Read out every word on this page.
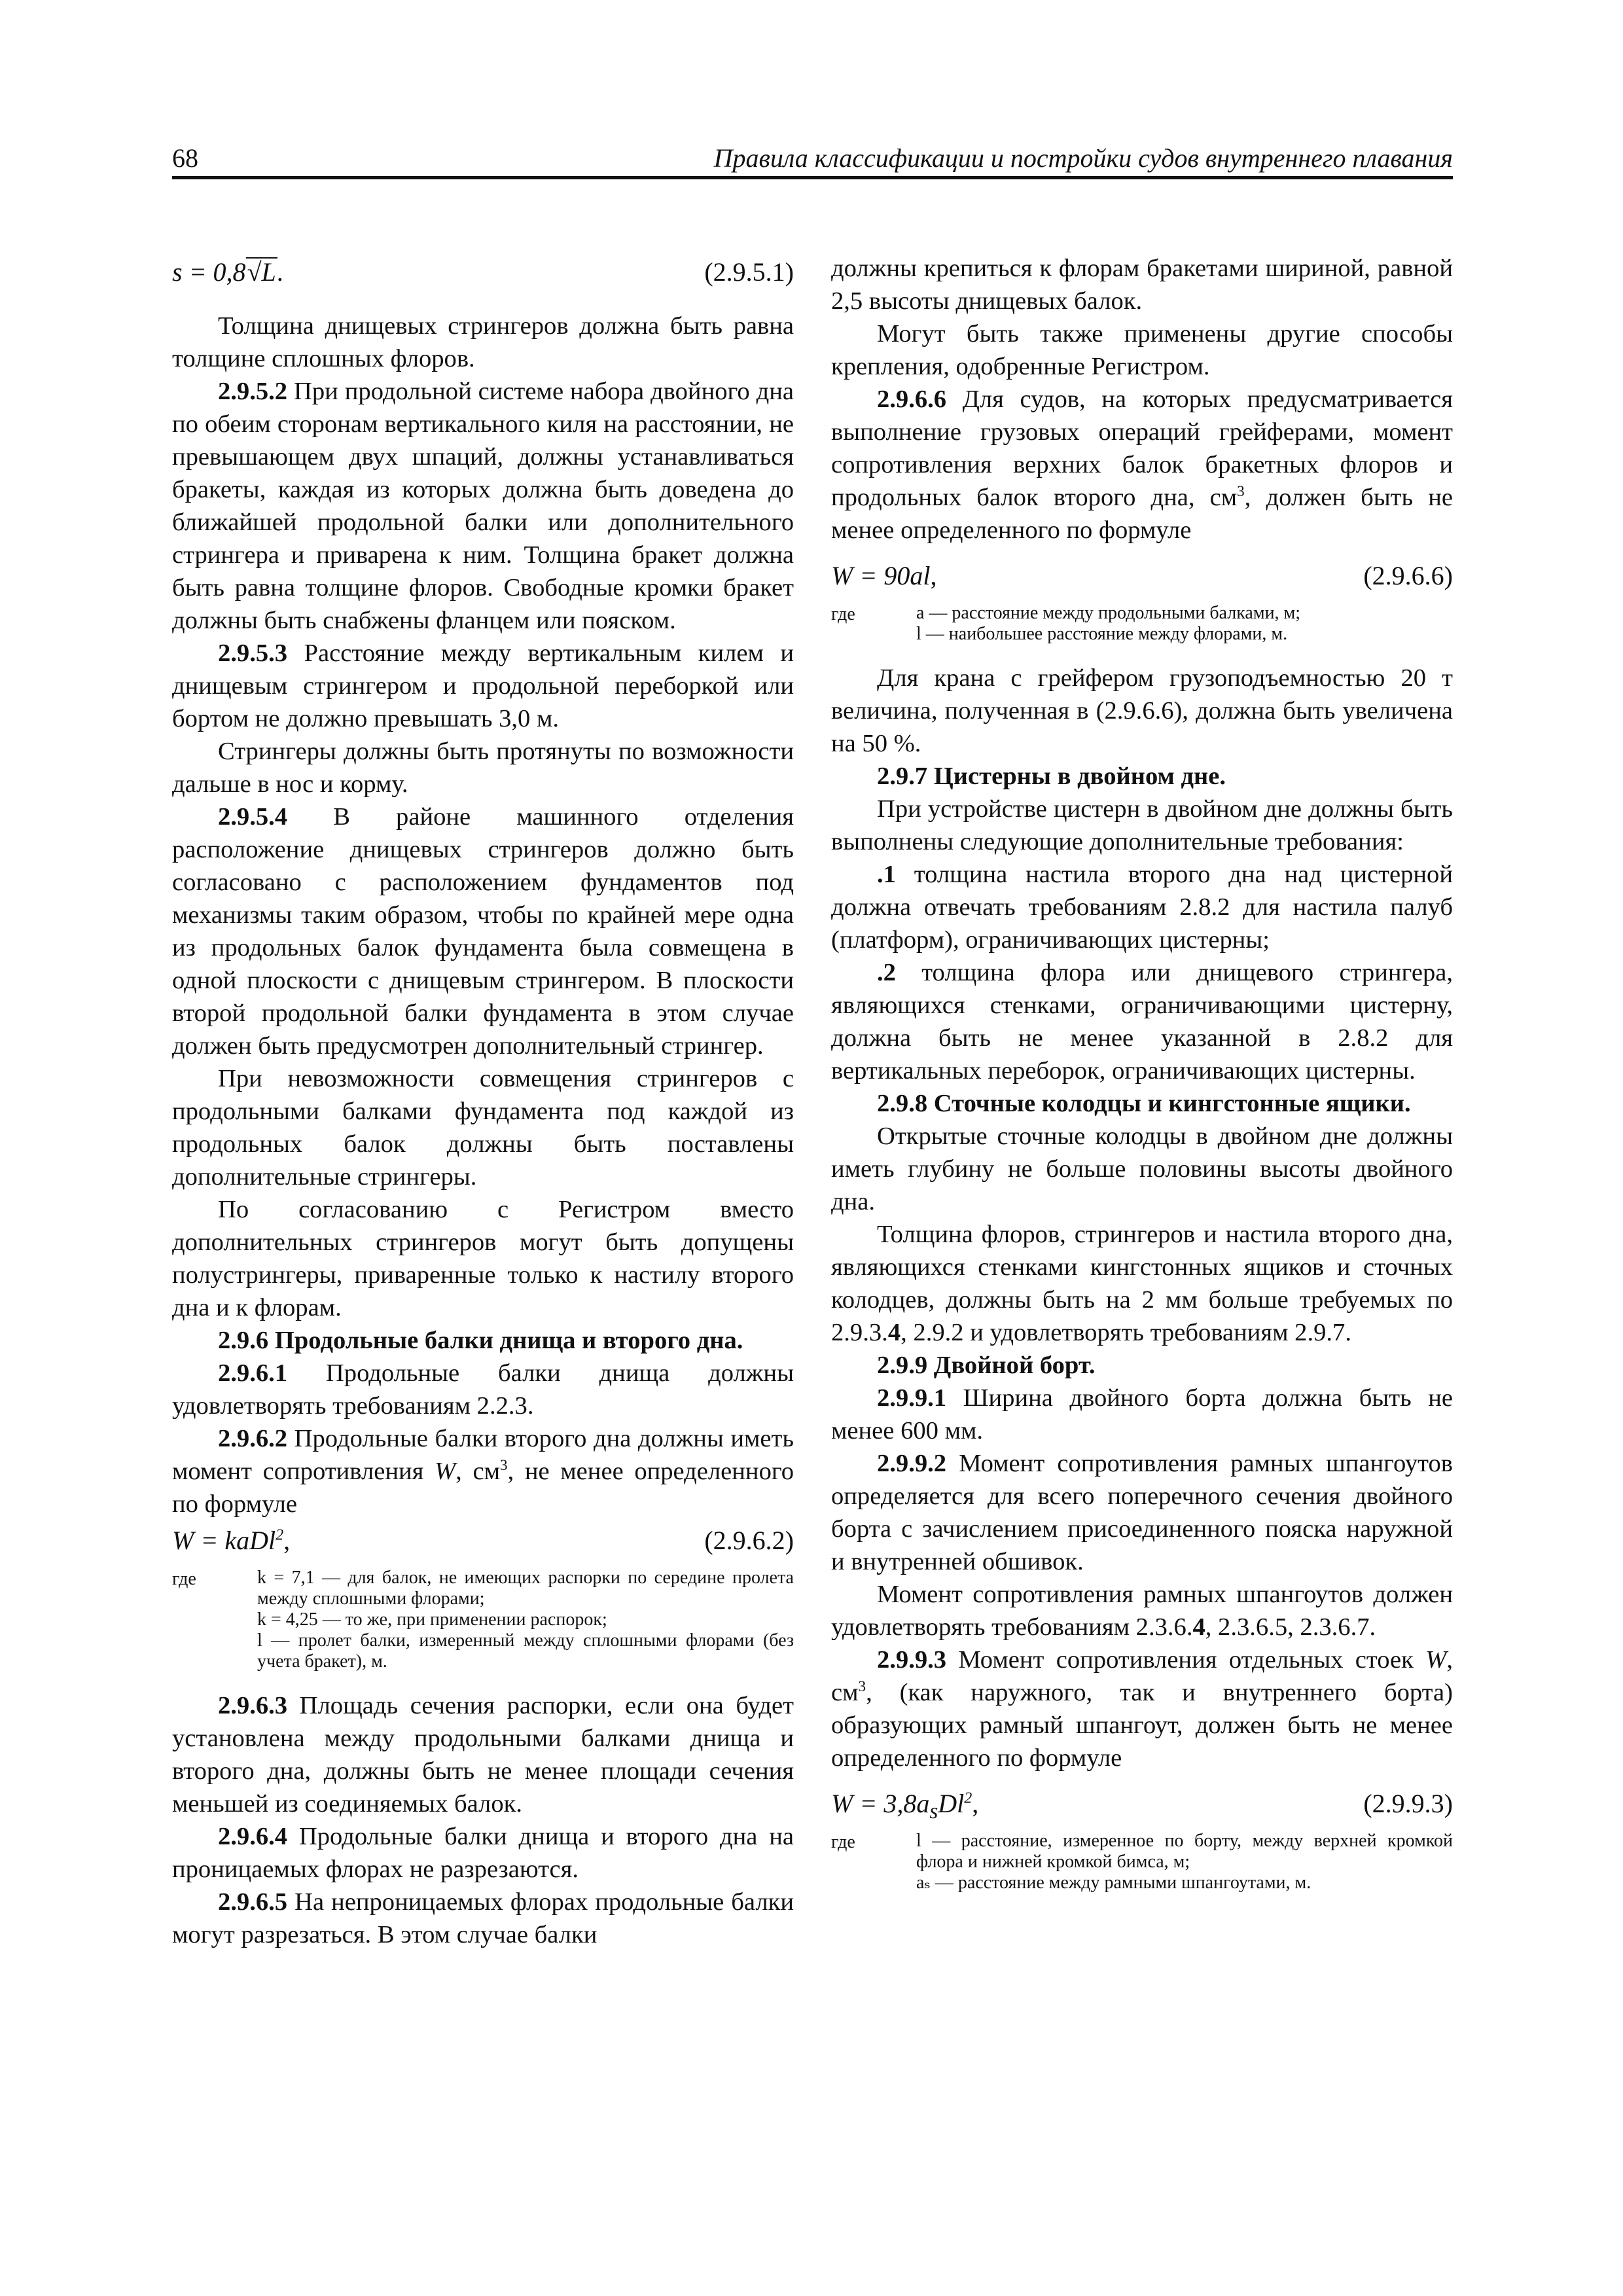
68	Правила классификации и постройки судов внутреннего плавания
s = 0,8√L.	(2.9.5.1)

Толщина днищевых стрингеров должна быть равна толщине сплошных флоров.

2.9.5.2 При продольной системе набора двойного дна по обеим сторонам вертикального киля на расстоянии, не превышающем двух шпаций, должны устанавливаться бракеты, каждая из которых должна быть доведена до ближайшей продольной балки или дополнительного стрингера и приварена к ним. Толщина бракет должна быть равна толщине флоров. Свободные кромки бракет должны быть снабжены фланцем или пояском.

2.9.5.3 Расстояние между вертикальным килем и днищевым стрингером и продольной переборкой или бортом не должно превышать 3,0 м.

Стрингеры должны быть протянуты по возможности дальше в нос и корму.

2.9.5.4 В районе машинного отделения расположение днищевых стрингеров должно быть согласовано с расположением фундаментов под механизмы таким образом, чтобы по крайней мере одна из продольных балок фундамента была совмещена в одной плоскости с днищевым стрингером. В плоскости второй продольной балки фундамента в этом случае должен быть предусмотрен дополнительный стрингер.

При невозможности совмещения стрингеров с продольными балками фундамента под каждой из продольных балок должны быть поставлены дополнительные стрингеры.

По согласованию с Регистром вместо дополнительных стрингеров могут быть допущены полустрингеры, приваренные только к настилу второго дна и к флорам.

2.9.6 Продольные балки днища и второго дна.

2.9.6.1 Продольные балки днища должны удовлетворять требованиям 2.2.3.

2.9.6.2 Продольные балки второго дна должны иметь момент сопротивления W, $см^3$, не менее определенного по формуле

W = kaDl$^2$,	(2.9.6.2)
где	k = 7,1 — для балок, не имеющих распорки по середине пролета между сплошными флорами;
k = 4,25 — то же, при применении распорок;
l — пролет балки, измеренный между сплошными флорами (без учета бракет), м.

2.9.6.3 Площадь сечения распорки, если она будет установлена между продольными балками днища и второго дна, должны быть не менее площади сечения меньшей из соединяемых балок.

2.9.6.4 Продольные балки днища и второго дна на проницаемых флорах не разрезаются.

2.9.6.5 На непроницаемых флорах продольные балки могут разрезаться. В этом случае балки

должны крепиться к флорам бракетами шириной, равной 2,5 высоты днищевых балок.

Могут быть также применены другие способы крепления, одобренные Регистром.

2.9.6.6 Для судов, на которых предусматривается выполнение грузовых операций грейферами, момент сопротивления верхних балок бракетных флоров и продольных балок второго дна, $см^3$, должен быть не менее определенного по формуле

W = 90al,	(2.9.6.6)
где	a — расстояние между продольными балками, м;
l — наибольшее расстояние между флорами, м.

Для крана с грейфером грузоподъемностью 20 т величина, полученная в (2.9.6.6), должна быть увеличена на 50 %.

2.9.7 Цистерны в двойном дне.

При устройстве цистерн в двойном дне должны быть выполнены следующие дополнительные требования:

.1 толщина настила второго дна над цистерной должна отвечать требованиям 2.8.2 для настила палуб (платформ), ограничивающих цистерны;

.2 толщина флора или днищевого стрингера, являющихся стенками, ограничивающими цистерну, должна быть не менее указанной в 2.8.2 для вертикальных переборок, ограничивающих цистерны.

2.9.8 Сточные колодцы и кингстонные ящики.

Открытые сточные колодцы в двойном дне должны иметь глубину не больше половины высоты двойного дна.

Толщина флоров, стрингеров и настила второго дна, являющихся стенками кингстонных ящиков и сточных колодцев, должны быть на 2 мм больше требуемых по 2.9.3.4, 2.9.2 и удовлетворять требованиям 2.9.7.

2.9.9 Двойной борт.

2.9.9.1 Ширина двойного борта должна быть не менее 600 мм.

2.9.9.2 Момент сопротивления рамных шпангоутов определяется для всего поперечного сечения двойного борта с зачислением присоединенного пояска наружной и внутренней обшивок.

Момент сопротивления рамных шпангоутов должен удовлетворять требованиям 2.3.6.4, 2.3.6.5, 2.3.6.7.

2.9.9.3 Момент сопротивления отдельных стоек W, $см^3$, (как наружного, так и внутреннего борта) образующих рамный шпангоут, должен быть не менее определенного по формуле

$W = 3,8a_sDl^2$,	(2.9.9.3)
где	l — расстояние, измеренное по борту, между верхней кромкой флора и нижней кромкой бимса, м;
aₛ — расстояние между рамными шпангоутами, м.
